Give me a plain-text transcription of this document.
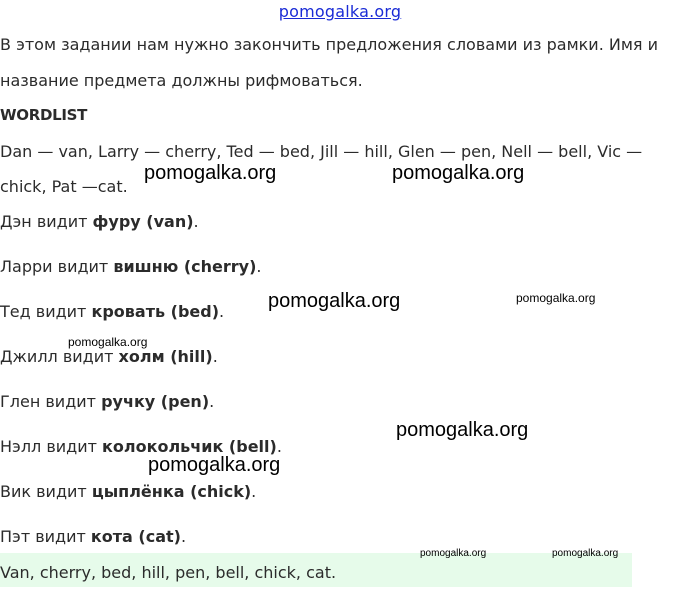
pomogalka.org
В этом задании нам нужно закончить предложения словами из рамки. Имя и
название предмета должны рифмоваться.
WORDLIST
Dan — van, Larry — cherry, Ted — bed, Jill — hill, Glen — pen, Nell — bell, Vic —
chick, Pat —cat.
Дэн видит фуру (van).
Ларри видит вишню (cherry).
Тед видит кровать (bed).
Джилл видит холм (hill).
Глен видит ручку (pen).
Нэлл видит колокольчик (bell).
Вик видит цыплёнка (chick).
Пэт видит кота (cat).
Van, cherry, bed, hill, pen, bell, chick, cat.
pomogalka.org	pomogalka.org
pomogalka.org	pomogalka.org
pomogalka.org
pomogalka.org
pomogalka.org
pomogalka.org	pomogalka.org
